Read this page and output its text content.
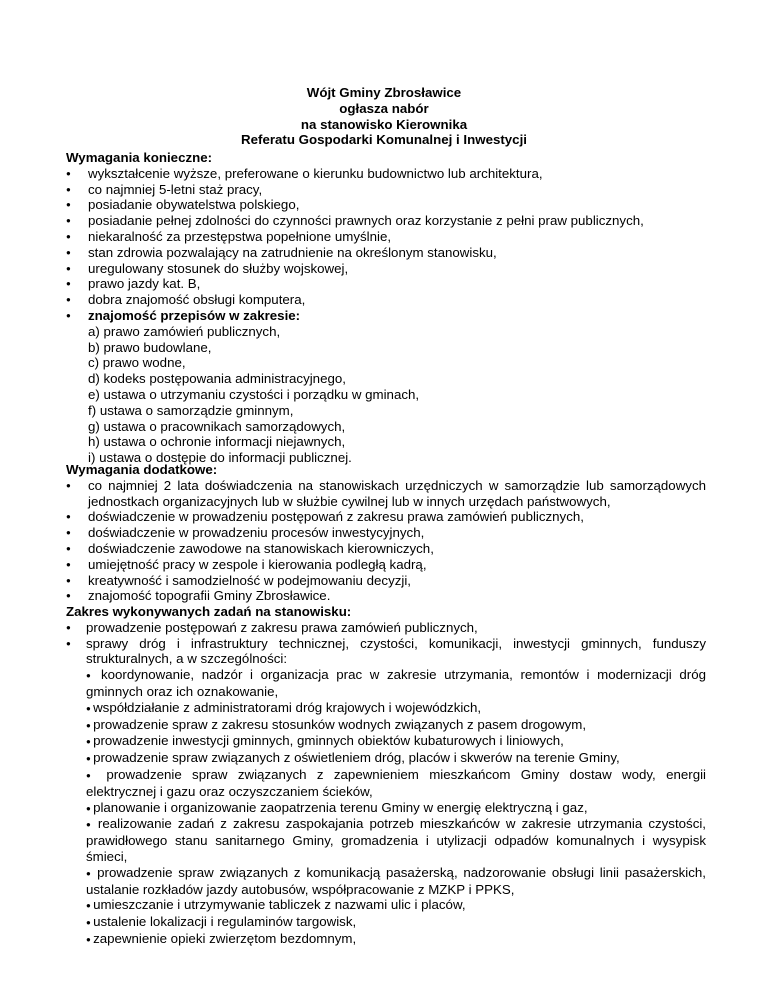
Wójt Gminy Zbrosławice
ogłasza nabór
na stanowisko Kierownika
Referatu Gospodarki Komunalnej i Inwestycji
Wymagania konieczne:
● wykształcenie wyższe, preferowane o kierunku budownictwo lub architektura,
● co najmniej 5-letni staż pracy,
● posiadanie obywatelstwa polskiego,
● posiadanie pełnej zdolności do czynności prawnych oraz korzystanie z pełni praw publicznych,
● niekaralność za przestępstwa popełnione umyślnie,
● stan zdrowia pozwalający na zatrudnienie na określonym stanowisku,
● uregulowany stosunek do służby wojskowej,
● prawo jazdy kat. B,
● dobra znajomość obsługi komputera,
● znajomość przepisów w zakresie:
a) prawo zamówień publicznych,
b) prawo budowlane,
c) prawo wodne,
d) kodeks postępowania administracyjnego,
e) ustawa o utrzymaniu czystości i porządku w gminach,
f) ustawa o samorządzie gminnym,
g) ustawa o pracownikach samorządowych,
h) ustawa o ochronie informacji niejawnych,
i) ustawa o dostępie do informacji publicznej.
Wymagania dodatkowe:
● co najmniej 2 lata doświadczenia na stanowiskach urzędniczych w samorządzie lub samorządowych jednostkach organizacyjnych lub w służbie cywilnej lub w innych urzędach państwowych,
● doświadczenie w prowadzeniu postępowań z zakresu prawa zamówień publicznych,
● doświadczenie w prowadzeniu procesów inwestycyjnych,
● doświadczenie zawodowe na stanowiskach kierowniczych,
● umiejętność pracy w zespole i kierowania podległą kadrą,
● kreatywność i samodzielność w podejmowaniu decyzji,
● znajomość topografii Gminy Zbrosławice.
Zakres wykonywanych zadań na stanowisku:
● prowadzenie postępowań z zakresu prawa zamówień publicznych,
● sprawy dróg i infrastruktury technicznej, czystości, komunikacji, inwestycji gminnych, funduszy strukturalnych, a w szczególności:
● koordynowanie, nadzór i organizacja prac w zakresie utrzymania, remontów i modernizacji dróg gminnych oraz ich oznakowanie,
● współdziałanie z administratorami dróg krajowych i wojewódzkich,
● prowadzenie spraw z zakresu stosunków wodnych związanych z pasem drogowym,
● prowadzenie inwestycji gminnych, gminnych obiektów kubaturowych i liniowych,
● prowadzenie spraw związanych z oświetleniem dróg, placów i skwerów na terenie Gminy,
● prowadzenie spraw związanych z zapewnieniem mieszkańcom Gminy dostaw wody, energii elektrycznej i gazu oraz oczyszczaniem ścieków,
● planowanie i organizowanie zaopatrzenia terenu Gminy w energię elektryczną i gaz,
● realizowanie zadań z zakresu zaspokajania potrzeb mieszkańców w zakresie utrzymania czystości, prawidłowego stanu sanitarnego Gminy, gromadzenia i utylizacji odpadów komunalnych i wysypisk śmieci,
● prowadzenie spraw związanych z komunikacją pasażerską, nadzorowanie obsługi linii pasażerskich, ustalanie rozkładów jazdy autobusów, współpracowanie z MZKP i PPKS,
● umieszczanie i utrzymywanie tabliczek z nazwami ulic i placów,
● ustalenie lokalizacji i regulaminów targowisk,
● zapewnienie opieki zwierzętom bezdomnym,
